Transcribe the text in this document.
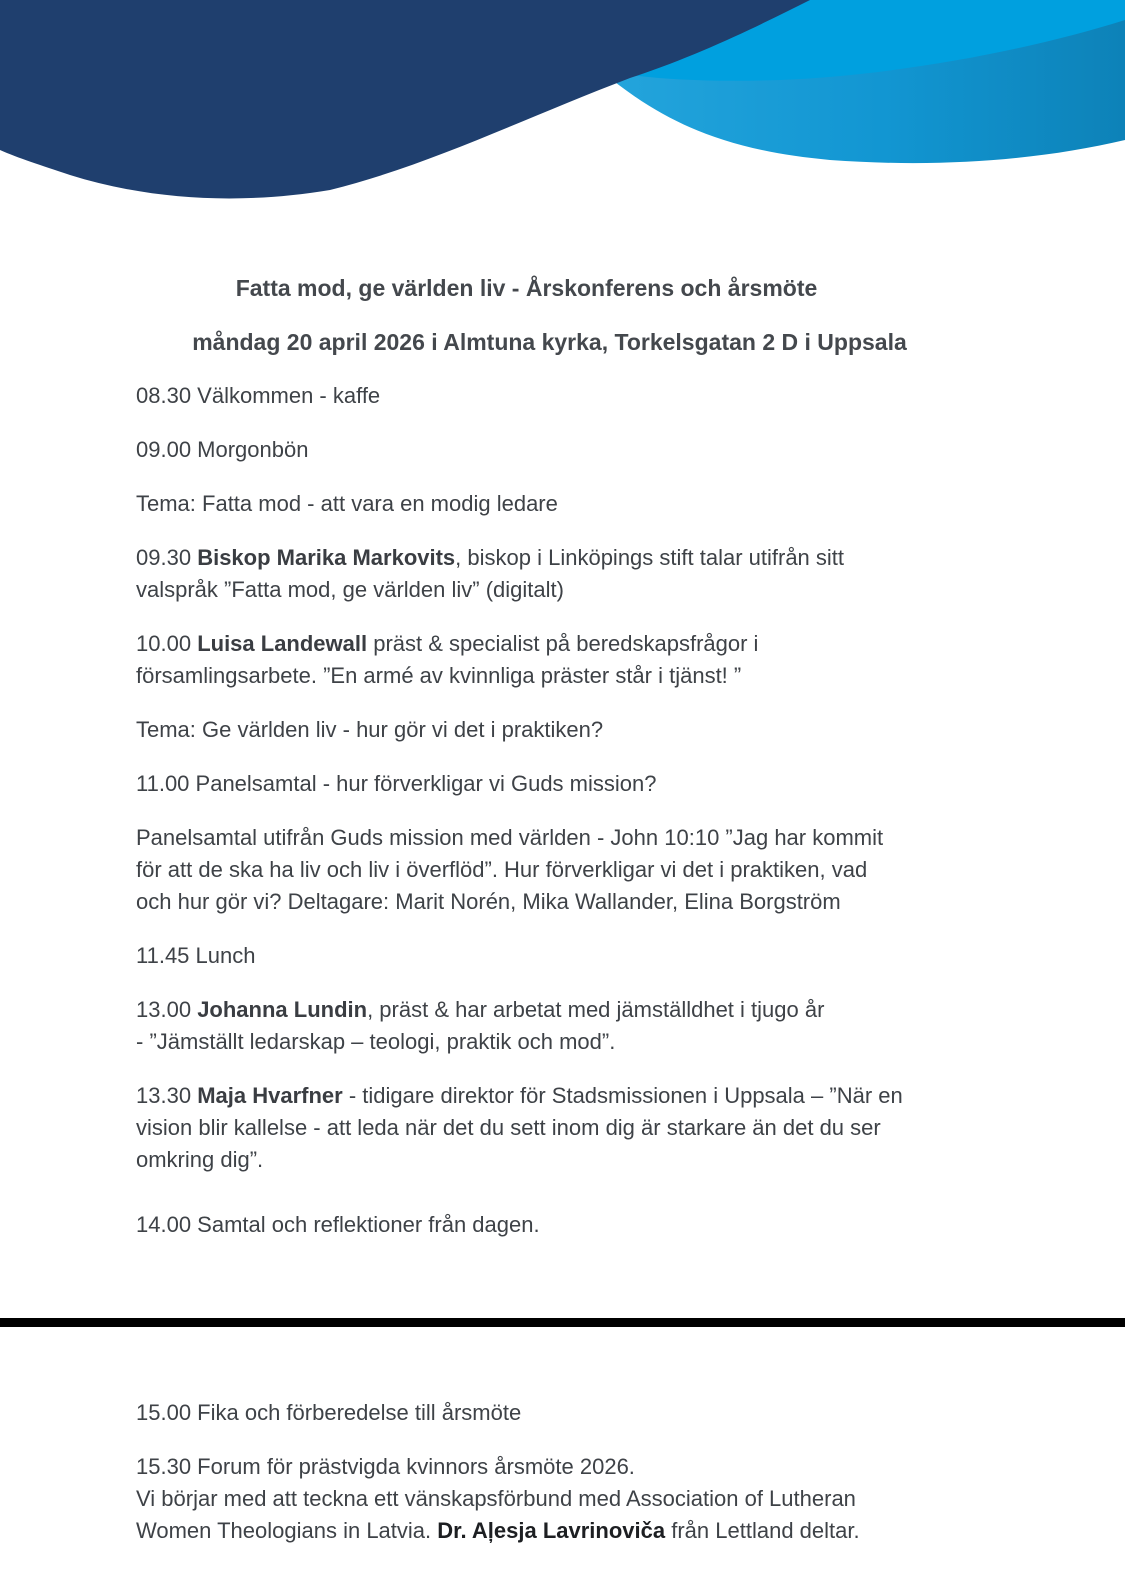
Fatta mod, ge världen liv - Årskonferens och årsmöte

måndag 20 april 2026 i Almtuna kyrka, Torkelsgatan 2 D i Uppsala

08.30 Välkommen - kaffe

09.00 Morgonbön

Tema: Fatta mod - att vara en modig ledare

09.30 Biskop Marika Markovits, biskop i Linköpings stift talar utifrån sitt

valspråk ”Fatta mod, ge världen liv” (digitalt)

10.00 Luisa Landewall präst & specialist på beredskapsfrågor i

församlingsarbete. ”En armé av kvinnliga präster står i tjänst! ”

Tema: Ge världen liv - hur gör vi det i praktiken?

11.00 Panelsamtal - hur förverkligar vi Guds mission?

Panelsamtal utifrån Guds mission med världen - John 10:10 ”Jag har kommit

för att de ska ha liv och liv i överflöd”. Hur förverkligar vi det i praktiken, vad

och hur gör vi? Deltagare: Marit Norén, Mika Wallander, Elina Borgström

11.45 Lunch

13.00 Johanna Lundin, präst & har arbetat med jämställdhet i tjugo år

- ”Jämställt ledarskap – teologi, praktik och mod”.

13.30 Maja Hvarfner - tidigare direktor för Stadsmissionen i Uppsala – ”När en

vision blir kallelse - att leda när det du sett inom dig är starkare än det du ser

omkring dig”.

14.00 Samtal och reflektioner från dagen.

15.00 Fika och förberedelse till årsmöte

15.30 Forum för prästvigda kvinnors årsmöte 2026.

Vi börjar med att teckna ett vänskapsförbund med Association of Lutheran

Women Theologians in Latvia. Dr. Aļesja Lavrinoviča från Lettland deltar.
